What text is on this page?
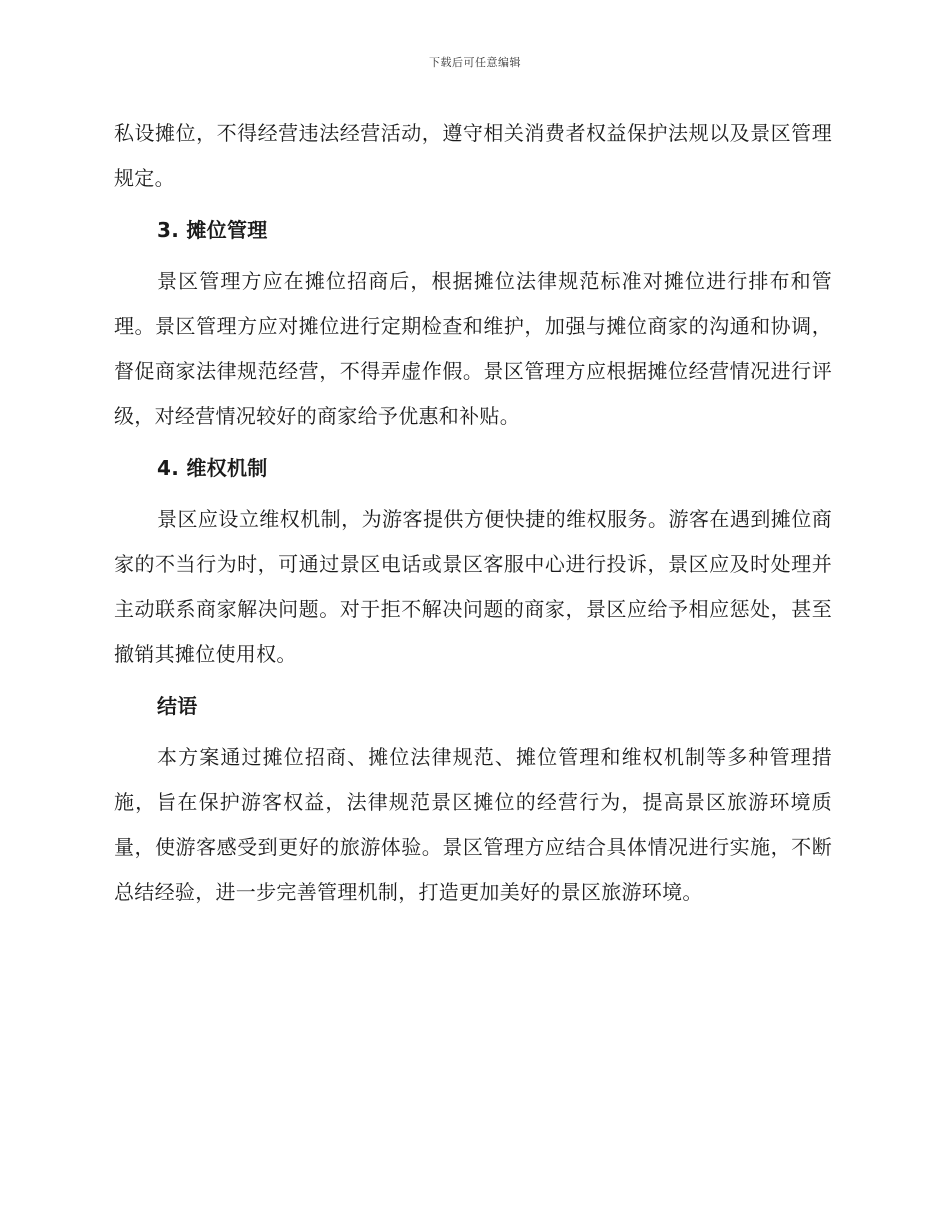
下载后可任意编辑

私设摊位，不得经营违法经营活动，遵守相关消费者权益保护法规以及景区管理规定。

3. 摊位管理

景区管理方应在摊位招商后，根据摊位法律规范标准对摊位进行排布和管理。景区管理方应对摊位进行定期检查和维护，加强与摊位商家的沟通和协调，督促商家法律规范经营，不得弄虚作假。景区管理方应根据摊位经营情况进行评级，对经营情况较好的商家给予优惠和补贴。

4. 维权机制

景区应设立维权机制，为游客提供方便快捷的维权服务。游客在遇到摊位商家的不当行为时，可通过景区电话或景区客服中心进行投诉，景区应及时处理并主动联系商家解决问题。对于拒不解决问题的商家，景区应给予相应惩处，甚至撤销其摊位使用权。

结语

本方案通过摊位招商、摊位法律规范、摊位管理和维权机制等多种管理措施，旨在保护游客权益，法律规范景区摊位的经营行为，提高景区旅游环境质量，使游客感受到更好的旅游体验。景区管理方应结合具体情况进行实施，不断总结经验，进一步完善管理机制，打造更加美好的景区旅游环境。
